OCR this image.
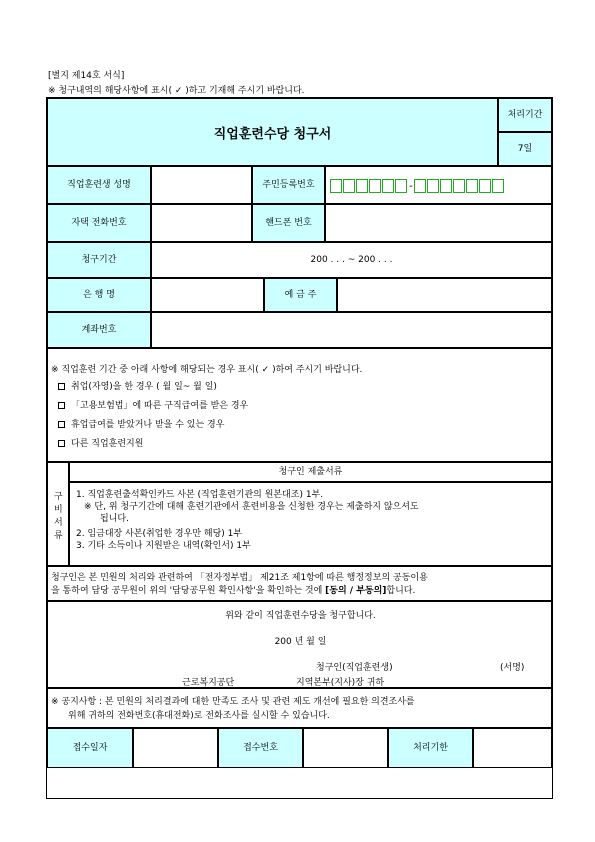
[별지 제14호 서식]
※ 청구내역의 해당사항에 표시( ✓ )하고 기재해 주시기 바랍니다.
직업훈련수당 청구서
처리기간
7일
직업훈련생 성명	주민등록번호	-
자택 전화번호	핸드폰 번호
청구기간	200 . . . ~ 200 . . .
은 행 명	예 금 주
계좌번호
※ 직업훈련 기간 중 아래 사항에 해당되는 경우 표시( ✓ )하여 주시기 바랍니다.
취업(자영)을 한 경우 ( 월 일~ 월 일)
「고용보험법」에 따른 구직급여를 받은 경우
휴업급여를 받았거나 받을 수 있는 경우
다른 직업훈련지원
구
비
서
류
청구인 제출서류
1. 직업훈련출석확인카드 사본 (직업훈련기관의 원본대조) 1부.
※ 단, 위 청구기간에 대해 훈련기관에서 훈련비용을 신청한 경우는 제출하지 않으셔도
됩니다.
2. 임금대장 사본(취업한 경우만 해당) 1부
3. 기타 소득이나 지원받은 내역(확인서) 1부
청구인은 본 민원의 처리와 관련하여 「전자정부법」 제21조 제1항에 따른 행정정보의 공동이용
을 통하여 담당 공무원이 위의 '담당공무원 확인사항'을 확인하는 것에 [동의 / 부동의]합니다.
위와 같이 직업훈련수당을 청구합니다.
200 년 월 일
청구인(직업훈련생)	(서명)
근로복지공단	지역본부(지사)장 귀하
※ 공지사항 : 본 민원의 처리결과에 대한 만족도 조사 및 관련 제도 개선에 필요한 의견조사를
위해 귀하의 전화번호(휴대전화)로 전화조사를 실시할 수 있습니다.
접수일자	접수번호	처리기한
